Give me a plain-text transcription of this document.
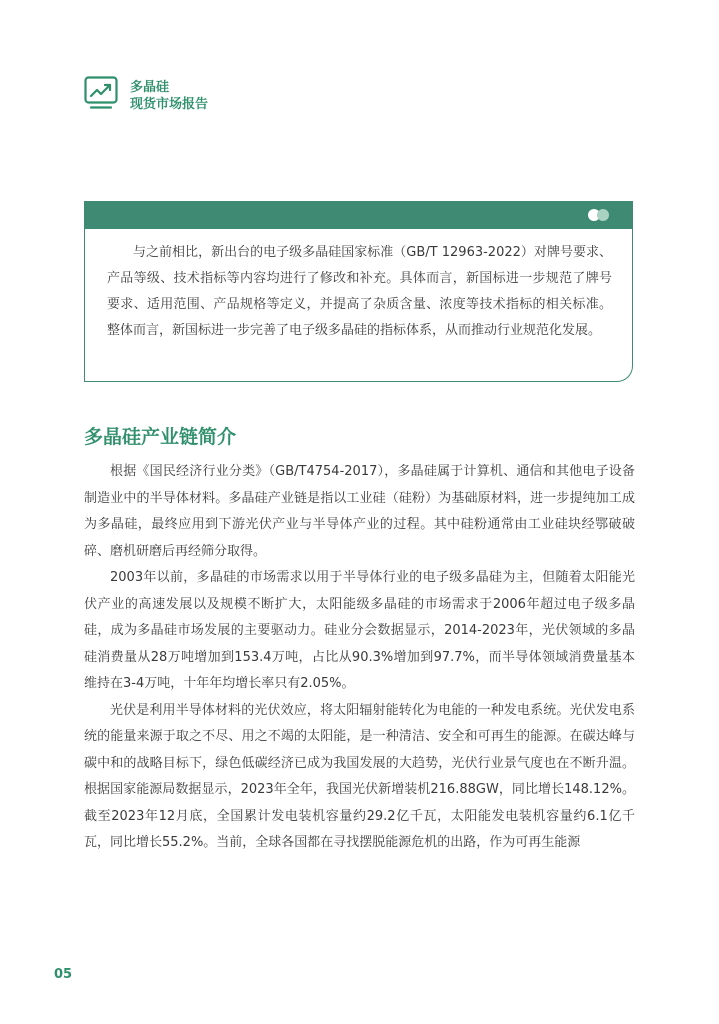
多晶硅
现货市场报告
与之前相比，新出台的电子级多晶硅国家标准（GB/T 12963-2022）对牌号要求、产品等级、技术指标等内容均进行了修改和补充。具体而言，新国标进一步规范了牌号要求、适用范围、产品规格等定义，并提高了杂质含量、浓度等技术指标的相关标准。整体而言，新国标进一步完善了电子级多晶硅的指标体系，从而推动行业规范化发展。
多晶硅产业链简介

根据《国民经济行业分类》（GB/T4754-2017），多晶硅属于计算机、通信和其他电子设备制造业中的半导体材料。多晶硅产业链是指以工业硅（硅粉）为基础原材料，进一步提纯加工成为多晶硅，最终应用到下游光伏产业与半导体产业的过程。其中硅粉通常由工业硅块经鄂破破碎、磨机研磨后再经筛分取得。

2003年以前，多晶硅的市场需求以用于半导体行业的电子级多晶硅为主，但随着太阳能光伏产业的高速发展以及规模不断扩大，太阳能级多晶硅的市场需求于2006年超过电子级多晶硅，成为多晶硅市场发展的主要驱动力。硅业分会数据显示，2014-2023年，光伏领域的多晶硅消费量从28万吨增加到153.4万吨，占比从90.3%增加到97.7%，而半导体领域消费量基本维持在3-4万吨，十年年均增长率只有2.05%。

光伏是利用半导体材料的光伏效应，将太阳辐射能转化为电能的一种发电系统。光伏发电系统的能量来源于取之不尽、用之不竭的太阳能，是一种清洁、安全和可再生的能源。在碳达峰与碳中和的战略目标下，绿色低碳经济已成为我国发展的大趋势，光伏行业景气度也在不断升温。根据国家能源局数据显示，2023年全年，我国光伏新增装机216.88GW，同比增长148.12%。截至2023年12月底，全国累计发电装机容量约29.2亿千瓦，太阳能发电装机容量约6.1亿千瓦，同比增长55.2%。当前，全球各国都在寻找摆脱能源危机的出路，作为可再生能源

05
